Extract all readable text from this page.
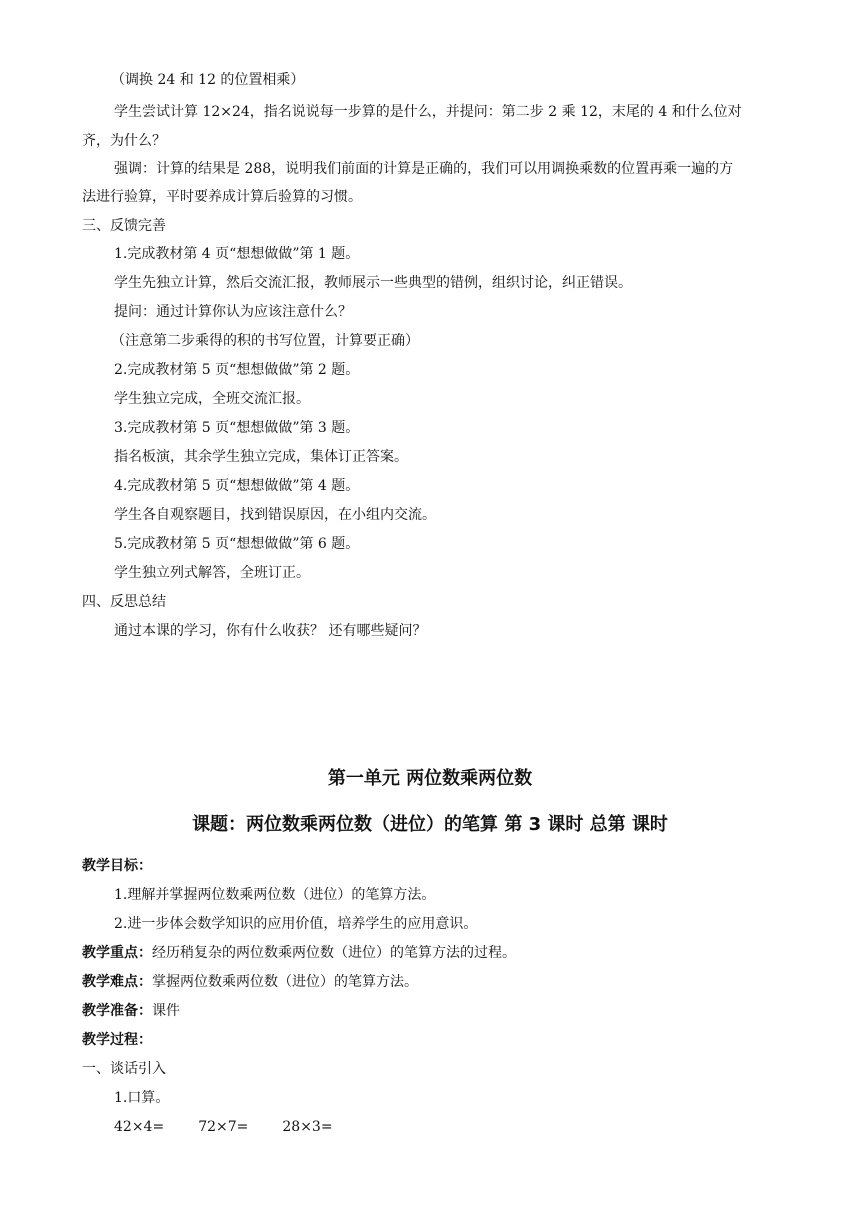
（调换 24 和 12 的位置相乘）
学生尝试计算 12×24，指名说说每一步算的是什么，并提问：第二步 2 乘 12，末尾的 4 和什么位对
齐，为什么？
强调：计算的结果是 288，说明我们前面的计算是正确的，我们可以用调换乘数的位置再乘一遍的方
法进行验算，平时要养成计算后验算的习惯。
三、反馈完善
1.完成教材第 4 页“想想做做”第 1 题。
学生先独立计算，然后交流汇报，教师展示一些典型的错例，组织讨论，纠正错误。
提问：通过计算你认为应该注意什么？
（注意第二步乘得的积的书写位置，计算要正确）
2.完成教材第 5 页“想想做做”第 2 题。
学生独立完成，全班交流汇报。
3.完成教材第 5 页“想想做做”第 3 题。
指名板演，其余学生独立完成，集体订正答案。
4.完成教材第 5 页“想想做做”第 4 题。
学生各自观察题目，找到错误原因，在小组内交流。
5.完成教材第 5 页“想想做做”第 6 题。
学生独立列式解答，全班订正。
四、反思总结
通过本课的学习，你有什么收获？ 还有哪些疑问？
第一单元 两位数乘两位数
课题：两位数乘两位数（进位）的笔算 第 3 课时 总第 课时
教学目标：
1.理解并掌握两位数乘两位数（进位）的笔算方法。
2.进一步体会数学知识的应用价值，培养学生的应用意识。
教学重点：经历稍复杂的两位数乘两位数（进位）的笔算方法的过程。
教学难点：掌握两位数乘两位数（进位）的笔算方法。
教学准备：课件
教学过程：
一、谈话引入
1.口算。
42×4= 72×7= 28×3=
